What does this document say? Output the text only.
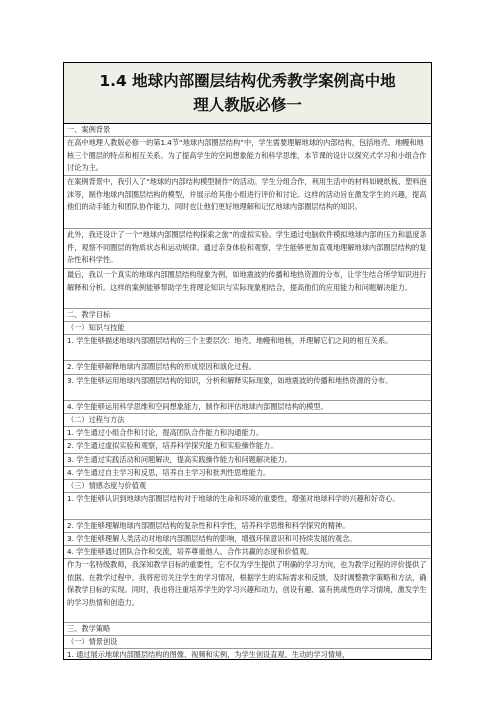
1.4 地球内部圈层结构优秀教学案例高中地
理人教版必修一
一、案例背景
在高中地理人教版必修一的第1.4节“地球内部圈层结构”中，学生需要理解地球的内部结构，包括地壳、地幔和地核三个圈层的特点和相互关系。为了提高学生的空间想象能力和科学思维，本节课的设计以探究式学习和小组合作讨论为主。
在案例背景中，我引入了“地球的内部结构模型制作”的活动。学生分组合作，利用生活中的材料如硬纸板、塑料泡沫等，制作地球内部圈层结构的模型，并展示给其他小组进行评价和讨论。这样的活动旨在激发学生的兴趣，提高他们的动手能力和团队协作能力，同时也让他们更好地理解和记忆地球内部圈层结构的知识。
此外，我还设计了一个“地球内部圈层结构探索之旅”的虚拟实验。学生通过电脑软件模拟地球内部的压力和温度条件，观察不同圈层的物质状态和运动规律。通过亲身体验和观察，学生能够更加直观地理解地球内部圈层结构的复杂性和科学性。
最后，我以一个真实的地球内部圈层结构现象为例，如地震波的传播和地热资源的分布，让学生结合所学知识进行解释和分析。这样的案例能够帮助学生将理论知识与实际现象相结合，提高他们的应用能力和问题解决能力。
二、教学目标
（一）知识与技能
1. 学生能够描述地球内部圈层结构的三个主要层次：地壳、地幔和地核，并理解它们之间的相互关系。
2. 学生能够解释地球内部圈层结构的形成原因和演化过程。
3. 学生能够运用地球内部圈层结构的知识，分析和解释实际现象，如地震波的传播和地热资源的分布。
4. 学生能够运用科学思维和空间想象能力，制作和评估地球内部圈层结构的模型。
（二）过程与方法
1. 学生通过小组合作和讨论，提高团队合作能力和沟通能力。
2. 学生通过虚拟实验和观察，培养科学探究能力和实验操作能力。
3. 学生通过实践活动和问题解决，提高实践操作能力和问题解决能力。
4. 学生通过自主学习和反思，培养自主学习和批判性思维能力。
（三）情感态度与价值观
1. 学生能够认识到地球内部圈层结构对于地球的生命和环境的重要性，增强对地球科学的兴趣和好奇心。
2. 学生能够理解地球内部圈层结构的复杂性和科学性，培养科学思维和科学探究的精神。
3. 学生能够理解人类活动对地球内部圈层结构的影响，增强环保意识和可持续发展的观念。
4. 学生能够通过团队合作和交流，培养尊重他人、合作共赢的态度和价值观。
作为一名特级教师，我深知教学目标的重要性，它不仅为学生提供了明确的学习方向，也为教学过程的评价提供了依据。在教学过程中，我将密切关注学生的学习情况，根据学生的实际需求和反馈，及时调整教学策略和方法，确保教学目标的实现。同时，我也将注重培养学生的学习兴趣和动力，创设有趣、富有挑战性的学习情境，激发学生的学习热情和创造力。
三、教学策略
（一）情景创设
1. 通过展示地球内部圈层结构的图像、视频和实例，为学生创设直观、生动的学习情境，
